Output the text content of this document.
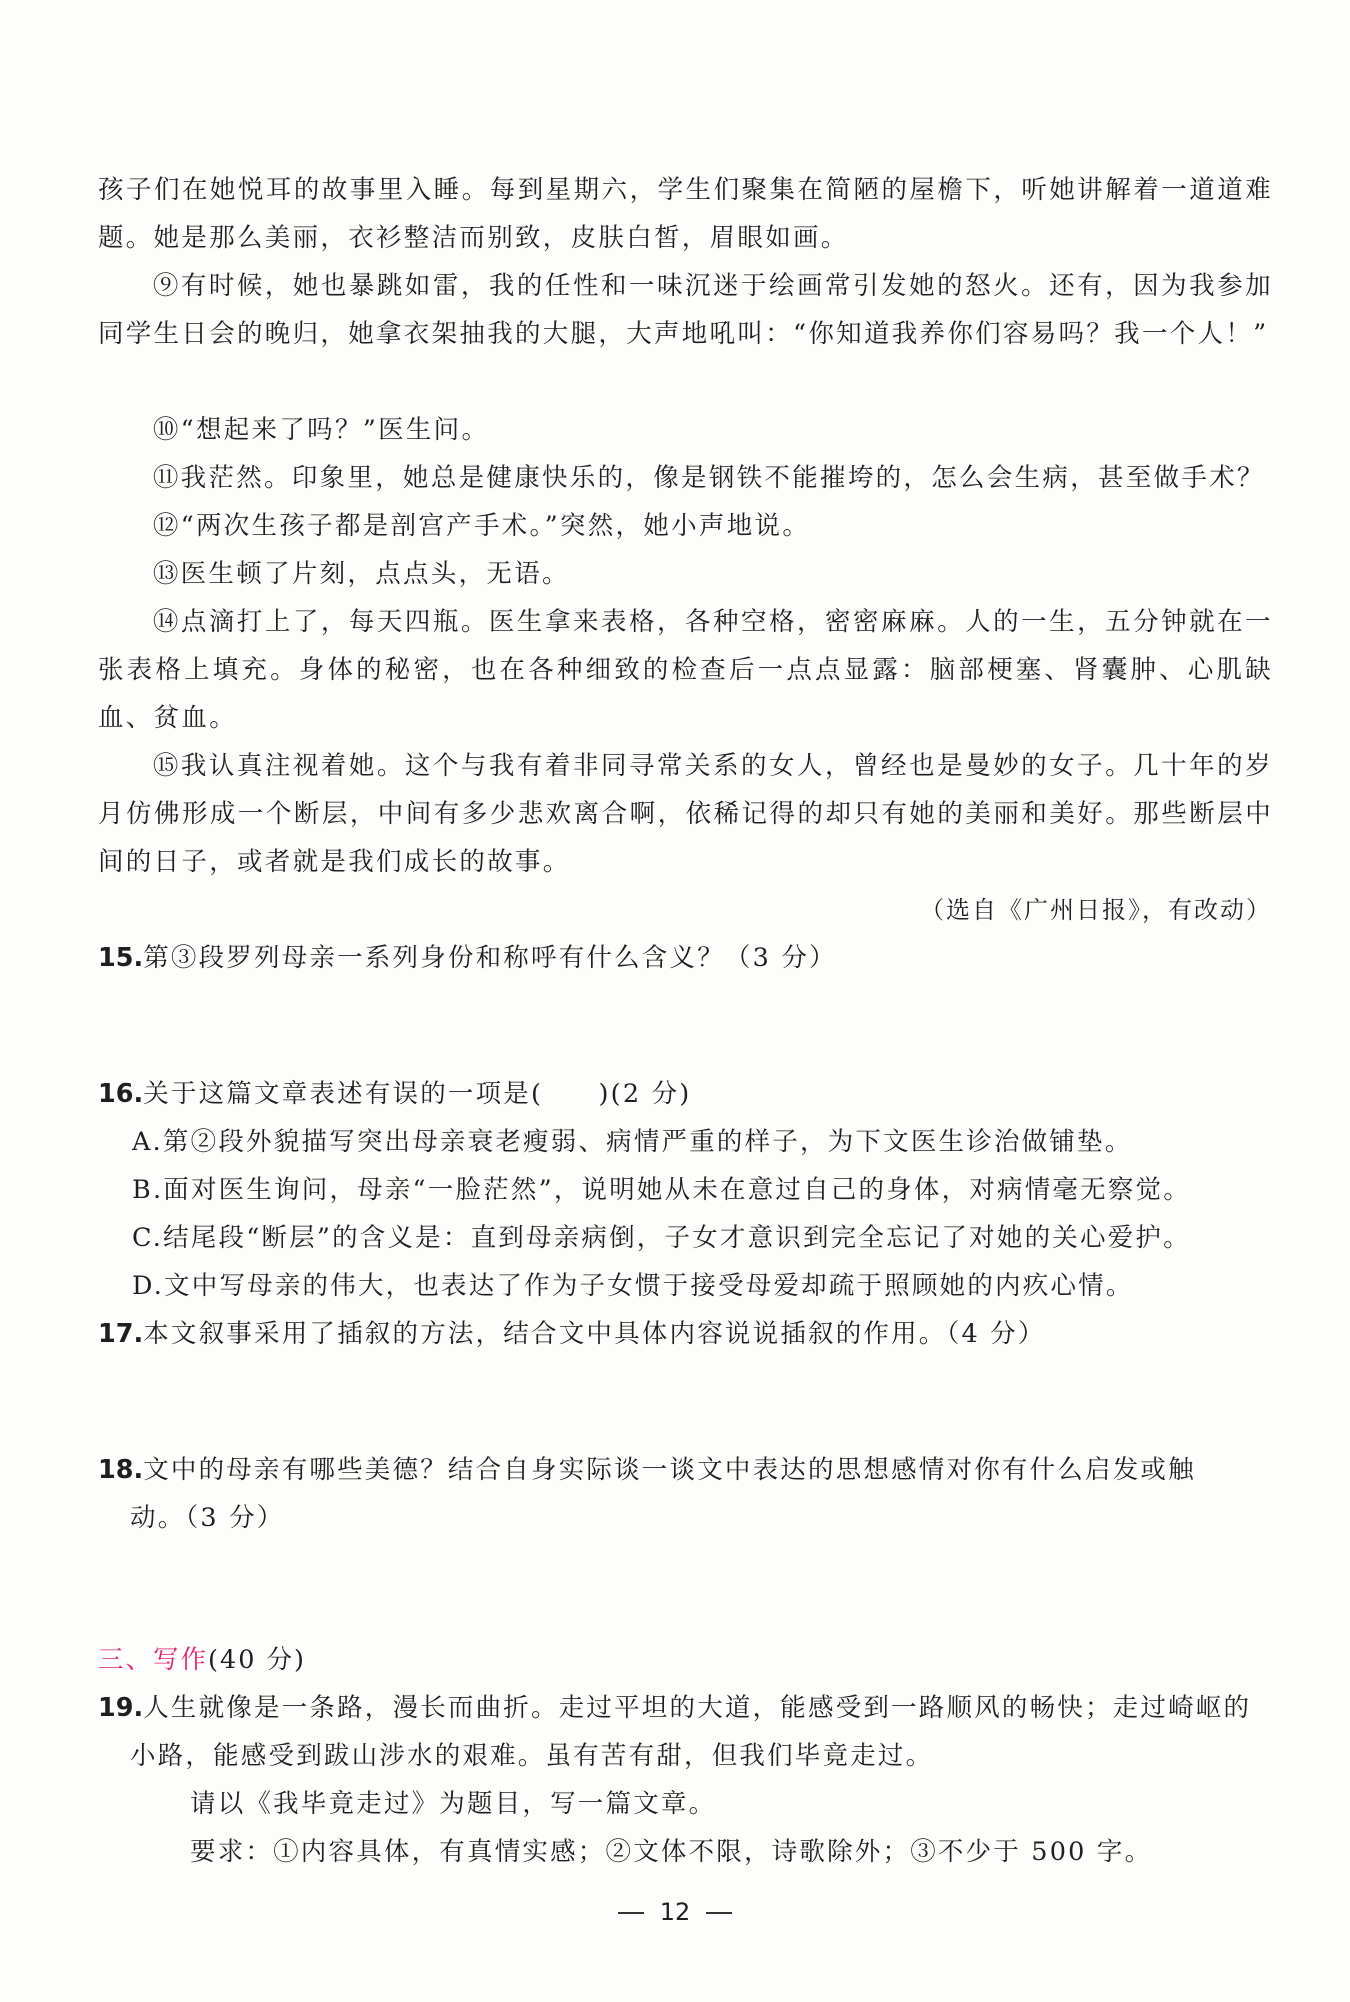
孩子们在她悦耳的故事里入睡。每到星期六，学生们聚集在简陋的屋檐下，听她讲解着一道道难题。她是那么美丽，衣衫整洁而别致，皮肤白皙，眉眼如画。

⑨有时候，她也暴跳如雷，我的任性和一味沉迷于绘画常引发她的怒火。还有，因为我参加同学生日会的晚归，她拿衣架抽我的大腿，大声地吼叫：“你知道我养你们容易吗？我一个人！”

⑩“想起来了吗？”医生问。

⑪我茫然。印象里，她总是健康快乐的，像是钢铁不能摧垮的，怎么会生病，甚至做手术？

⑫“两次生孩子都是剖宫产手术。”突然，她小声地说。

⑬医生顿了片刻，点点头，无语。

⑭点滴打上了，每天四瓶。医生拿来表格，各种空格，密密麻麻。人的一生，五分钟就在一张表格上填充。身体的秘密，也在各种细致的检查后一点点显露：脑部梗塞、肾囊肿、心肌缺血、贫血。

⑮我认真注视着她。这个与我有着非同寻常关系的女人，曾经也是曼妙的女子。几十年的岁月仿佛形成一个断层，中间有多少悲欢离合啊，依稀记得的却只有她的美丽和美好。那些断层中间的日子，或者就是我们成长的故事。

（选自《广州日报》，有改动）

15.第③段罗列母亲一系列身份和称呼有什么含义？（3 分）

16.关于这篇文章表述有误的一项是(　　)(2 分)

A.第②段外貌描写突出母亲衰老瘦弱、病情严重的样子，为下文医生诊治做铺垫。

B.面对医生询问，母亲“一脸茫然”，说明她从未在意过自己的身体，对病情毫无察觉。

C.结尾段“断层”的含义是：直到母亲病倒，子女才意识到完全忘记了对她的关心爱护。

D.文中写母亲的伟大，也表达了作为子女惯于接受母爱却疏于照顾她的内疚心情。

17.本文叙事采用了插叙的方法，结合文中具体内容说说插叙的作用。（4 分）

18.文中的母亲有哪些美德？结合自身实际谈一谈文中表达的思想感情对你有什么启发或触
动。（3 分）

三、写作(40 分)

19.人生就像是一条路，漫长而曲折。走过平坦的大道，能感受到一路顺风的畅快；走过崎岖的
小路，能感受到跋山涉水的艰难。虽有苦有甜，但我们毕竟走过。

请以《我毕竟走过》为题目，写一篇文章。

要求：①内容具体，有真情实感；②文体不限，诗歌除外；③不少于 500 字。

12
